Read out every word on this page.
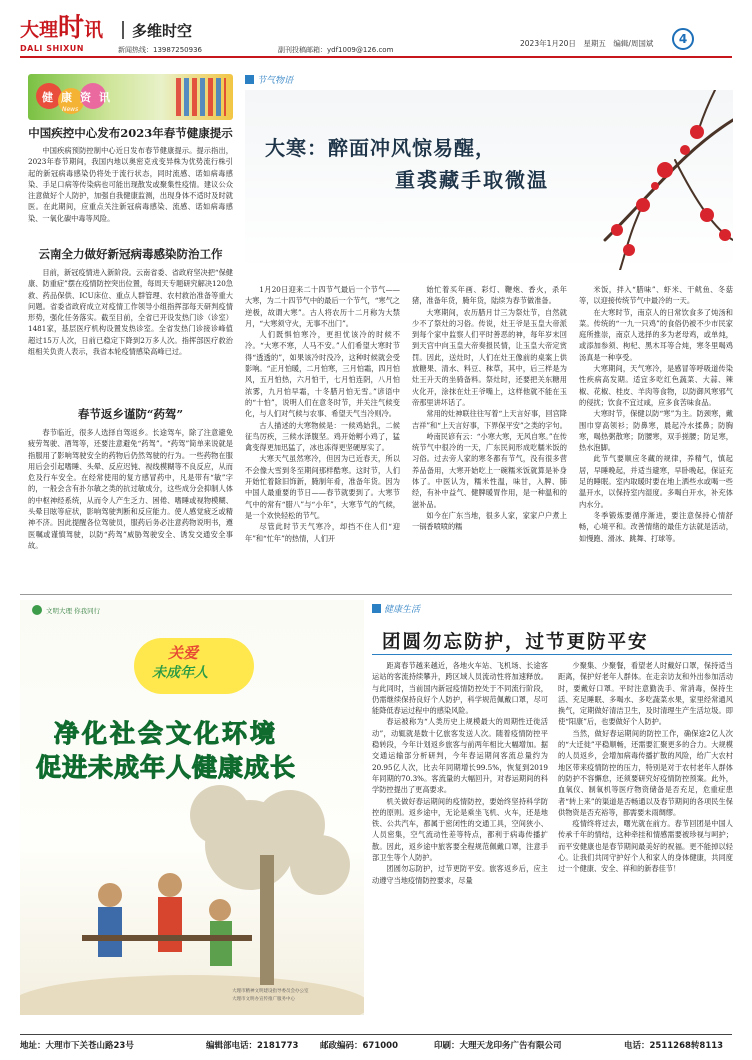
大理时讯 多维时空
DALI SHIXUN	新闻热线：13987250936	副刊投稿邮箱：ydf1009@126.com
2023年1月20日　星期五　编辑/周国斌	4
健康资讯
News
中国疾控中心发布2023年春节健康提示

中国疾病预防控制中心近日发布春节健康提示。提示指出，2023年春节期间，我国内地以奥密克戎变异株为优势流行株引起的新冠病毒感染仍将处于流行状态，同时流感、诺如病毒感染、手足口病等传染病也可能出现散发或聚集性疫情。建议公众注意做好个人防护，加强自我健康监测，出现身体不适时及时就医。在此期间，应重点关注新冠病毒感染、流感、诺如病毒感染、一氧化碳中毒等风险。

云南全力做好新冠病毒感染防治工作

目前，新冠疫情进入新阶段。云南省委、省政府坚决把“保健康、防重症”摆在疫情防控突出位置，每周天专题研究解决120急救、药品保供、ICU床位、重点人群管理、农村救治准备等重大问题。省委省政府成立对疫情工作领导小组指挥部每天研判疫情形势，强化任务落实。截至目前，全省已开设发热门诊（诊室）1481家，基层医疗机构设置发热诊室。全省发热门诊接诊峰值超过15万人次，日前已稳定下降到2万多人次。指挥部医疗救治组相关负责人表示，我省本轮疫情感染高峰已过。

春节返乡谨防“药驾”

春节临近，很多人选择自驾返乡。长途驾车，除了注意避免疲劳驾驶、酒驾等，还要注意避免“药驾”。“药驾”简单来说就是指服用了影响驾驶安全的药物后仍然驾驶的行为。一些药物在服用后会引起嗜睡、头晕、反应迟钝、视线模糊等不良反应，从而危及行车安全。在经常使用的复方感冒药中，凡是带有“敏”字的，一般会含有扑尔敏之类的抗过敏成分，这些成分会抑制人体的中枢神经系统，从而令人产生乏力、困倦、嗜睡或视物模糊、头晕目眩等症状，影响驾驶判断和反应能力。使人感觉疲乏或精神不济。因此提醒各位驾驶员，服药后务必注意药物说明书，遵医嘱或谨慎驾驶，以防“药驾”威胁驾驶安全、诱发交通安全事故。

节气物语
大寒：醉面冲风惊易醒，
重裘藏手取微温

1月20日迎来二十四节气最后一个节气——大寒，为二十四节气中的最后一个节气，“寒气之逆极，故谓大寒”。古人将农历十二月称为大禁月，“大寒须守火，无事不出门”。

人们既惧怕寒冷，更担忧该冷的时候不冷。“大寒不寒，人马不安。”人们希望大寒时节得“透透的”，如果该冷时没冷，这种时候就会受影响。“正月怕暖，二月怕寒，三月怕霜，四月怕风，五月怕热，六月怕干，七月怕连阴，八月怕浓雾，九月怕早霜，十冬腊月怕无雪。”谚语中的“十怕”，说明人们在意冬时节，并关注气候变化，与人们对气候与农事、希望天气当冷则冷。

古人描述的大寒物候是：一候鸡始乳，二候征鸟厉疾，三候水泽腹坚。鸡开始孵小鸡了，猛禽变得更加迅猛了，冰也冻得更坚硬厚实了。

大寒天气虽然寒冷，但因为已近春天，所以不会像大雪到冬至期间那样酷寒。这时节，人们开始忙着除旧饰新，腌制年肴，准备年货。因为中国人最重要的节日——春节就要到了。大寒节气中的常有“腊八”与“小年”，大寒节气的气候，是一个欢快轻松的节气。

尽管此时节天气寒冷，却挡不住人们“迎年”和“忙年”的热情，人们开

始忙着买年画、彩灯、鞭炮、香火，杀年猪，准备年货，腌年货，陆续为春节做准备。

大寒期间，农历腊月廿三为祭灶节，自然就少不了祭灶的习俗。传说，灶王爷是玉皇大帝派到每个家中监察人们平时善恶的神，每年岁末回到天宫中向玉皇大帝奏报民情，让玉皇大帝定赏罚。因此，送灶时，人们在灶王像前的桌案上供放糖果、清水、料豆、秣草，其中，后三样是为灶王升天的坐骑备料。祭灶时，还要把关东糖用火化开，涂抹在灶王爷嘴上，这样他就不能在玉帝那里讲坏话了。

常用的灶神联往往写着“上天言好事，回宫降吉祥”和“上天言好事，下界保平安”之类的字句。

岭南民谚有云：“小寒大寒，无风自寒。”在传统节气中很冷的一天，广东民间形成吃糯米饭的习俗。过去旁人家的寒冬都有节气，没有很多营养品备用，大寒开始吃上一碗糯米饭就算是补身体了。中医认为，糯米性温，味甘，入脾、肺经，有补中益气、健脾暖胃作用，是一种温和的滋补品。

如今在广东当地，很多人家，家家户户煮上一锅香喷喷的糯

米饭，拌入“腊味”、虾米、干鱿鱼、冬菇等，以迎接传统节气中最冷的一天。

在大寒时节，南京人的日常饮食多了炖汤和菜。传统的“一九一只鸡”的食俗仍被不少市民家庭所推崇，南京人选择的多为老母鸡，或单炖，或添加参须、枸杞、黑木耳等合炖，寒冬里喝鸡汤真是一种享受。

大寒期间，天气寒冷，是感冒等呼吸道传染性疾病高发期。适宜多吃红色蔬菜、大蒜、辣椒、花椒、桂皮、羊肉等食物，以防御风寒邪气的侵扰；饮食不宜过咸，应多食苦味食品。

大寒时节，保健以防“寒”为主。防颈寒，戴围巾穿高领衫；防鼻寒，晨起冷水揉鼻；防胸寒，喝热粥散寒；防腰寒，双手搓腰；防足寒，热水泡脚。

此节气要顺应冬藏的规律，养精气，慎起居，早睡晚起，并适当避寒，早卧晚起，保证充足的睡眠。室内取暖时要在地上洒些水或喝一些温开水，以保持室内湿度。多喝白开水，补充体内水分。

冬季锻炼要循序渐进，要注意保持心情舒畅，心境平和。改善情绪的最佳方法就是活动，如慢跑、滑冰、跳舞、打球等。

文明大理 你我同行
关爱
未成年人
净化社会文化环境
促进未成年人健康成长
大理市精神文明建设指导委员会办公室
大理市文明办宣传推广服务中心
健康生活
团圆勿忘防护，过节更防平安

距离春节越来越近，各地火车站、飞机场、长途客运站的客流持续攀升，跨区域人员流动性将加速释放。与此同时，当前国内新冠疫情防控处于不同流行阶段，仍需继续保持良好个人防护，科学规范佩戴口罩，尽可能降低春运过程中的感染风险。

春运被称为“人类历史上规模最大的周期性迁徙活动”，动辄就是数十亿旅客发送人次。随着疫情防控平稳转段，今年计划返乡旅客与前两年相比大幅增加。据交通运输部分析研判，今年春运期间客流总量约为20.95亿人次，比去年同期增长99.5%，恢复到2019年同期的70.3%。客流量的大幅回升，对春运期间的科学防控提出了更高要求。

机关做好春运期间的疫情防控，要始终坚持科学防控的原则。返乡途中，无论是乘坐飞机、火车，还是地铁、公共汽车，都属于密闭性的交通工具，空间狭小、人员密集，空气流动性差等特点，都利于病毒传播扩散。因此，返乡途中旅客要全程规范佩戴口罩，注意手部卫生等个人防护。

团圆勿忘防护，过节更防平安。旅客返乡后，应主动遵守当地疫情防控要求，尽量

少聚集、少聚餐，看望老人时戴好口罩，保持适当距离，保护好老年人群体。在走亲访友和外出参加活动时，要戴好口罩。平时注意勤洗手、常消毒，保持生活、充足睡眠、多喝水、多吃蔬菜水果，家里经常通风换气，定期做好清洁卫生，及时清理生产生活垃圾。即使“阳康”后，也要做好个人防护。

当然，做好春运期间的防控工作，确保途2亿人次的“大迁徙”平稳顺畅，还需要汇聚更多的合力。大规模的人员返乡，会增加病毒传播扩散的风险，给广大农村地区带来疫情防控的压力，特别是对于农村老年人群体的防护不容懈怠，还须要研究好疫情防控预案。此外，血氧仪、制氧机等医疗物资储备是否充足，危重症患者“转上来”的渠道是否畅通以及春节期间的各项民生保供物资是否充裕等，都需要未雨绸缪。

疫情终将过去，曙光就在前方。春节回团是中国人传承千年的情结，这种牵挂和情感需要被珍视与呵护；而平安健康也是春节期间最美好的祝福。更不能掉以轻心。让我们共同守护好个人和家人的身体健康，共同度过一个健康、安全、祥和的新春佳节！

地址：大理市下关苍山路23号	编辑部电话：2181773	邮政编码：671000	印刷：大理天龙印务广告有限公司	电话：2511268转8113
